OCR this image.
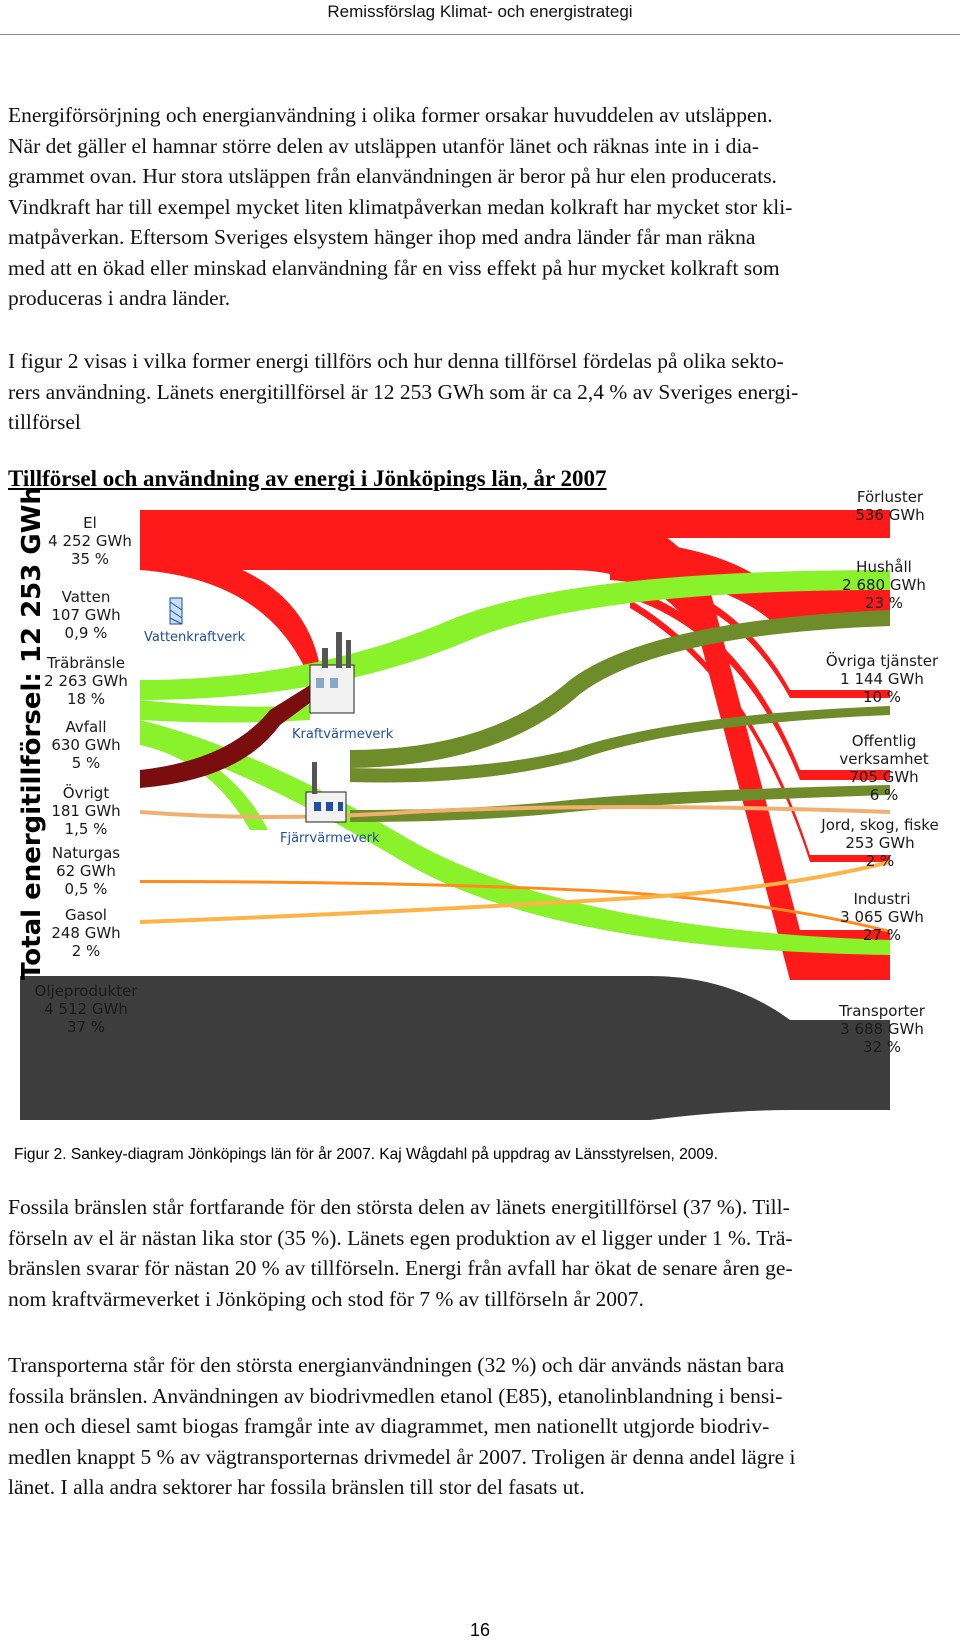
Remissförslag Klimat- och energistrategi
Energiförsörjning och energianvändning i olika former orsakar huvuddelen av utsläppen.
När det gäller el hamnar större delen av utsläppen utanför länet och räknas inte in i dia-
grammet ovan. Hur stora utsläppen från elanvändningen är beror på hur elen producerats.
Vindkraft har till exempel mycket liten klimatpåverkan medan kolkraft har mycket stor kli-
matpåverkan. Eftersom Sveriges elsystem hänger ihop med andra länder får man räkna
med att en ökad eller minskad elanvändning får en viss effekt på hur mycket kolkraft som
produceras i andra länder.
I figur 2 visas i vilka former energi tillförs och hur denna tillförsel fördelas på olika sekto-
rers användning. Länets energitillförsel är 12 253 GWh som är ca 2,4 % av Sveriges energi-
tillförsel
Tillförsel och användning av energi i Jönköpings län, år 2007
Vattenkraftverk
Kraftvärmeverk
Fjärrvärmeverk
Total energitillförsel: 12 253 GWh El
4 252 GWh
35 %
Vatten
107 GWh
0,9 %
Träbränsle
2 263 GWh
18 %
Avfall
630 GWh
5 %
Övrigt
181 GWh
1,5 %
Naturgas
62 GWh
0,5 %
Gasol
248 GWh
2 %
Oljeprodukter
4 512 GWh
37 %
Förluster
536 GWh
Hushåll
2 680 GWh
23 %
Övriga tjänster
1 144 GWh
10 %
Offentlig verksamhet
705 GWh
6 %
Jord, skog, fiske
253 GWh
2 %
Industri
3 065 GWh
27 %
Transporter
3 688 GWh
32 %
Figur 2. Sankey-diagram Jönköpings län för år 2007. Kaj Wågdahl på uppdrag av Länsstyrelsen, 2009.
Fossila bränslen står fortfarande för den största delen av länets energitillförsel (37 %). Till-
förseln av el är nästan lika stor (35 %). Länets egen produktion av el ligger under 1 %. Trä-
bränslen svarar för nästan 20 % av tillförseln. Energi från avfall har ökat de senare åren ge-
nom kraftvärmeverket i Jönköping och stod för 7 % av tillförseln år 2007.
Transporterna står för den största energianvändningen (32 %) och där används nästan bara
fossila bränslen. Användningen av biodrivmedlen etanol (E85), etanolinblandning i bensi-
nen och diesel samt biogas framgår inte av diagrammet, men nationellt utgjorde biodriv-
medlen knappt 5 % av vägtransporternas drivmedel år 2007. Troligen är denna andel lägre i
länet. I alla andra sektorer har fossila bränslen till stor del fasats ut.
16
